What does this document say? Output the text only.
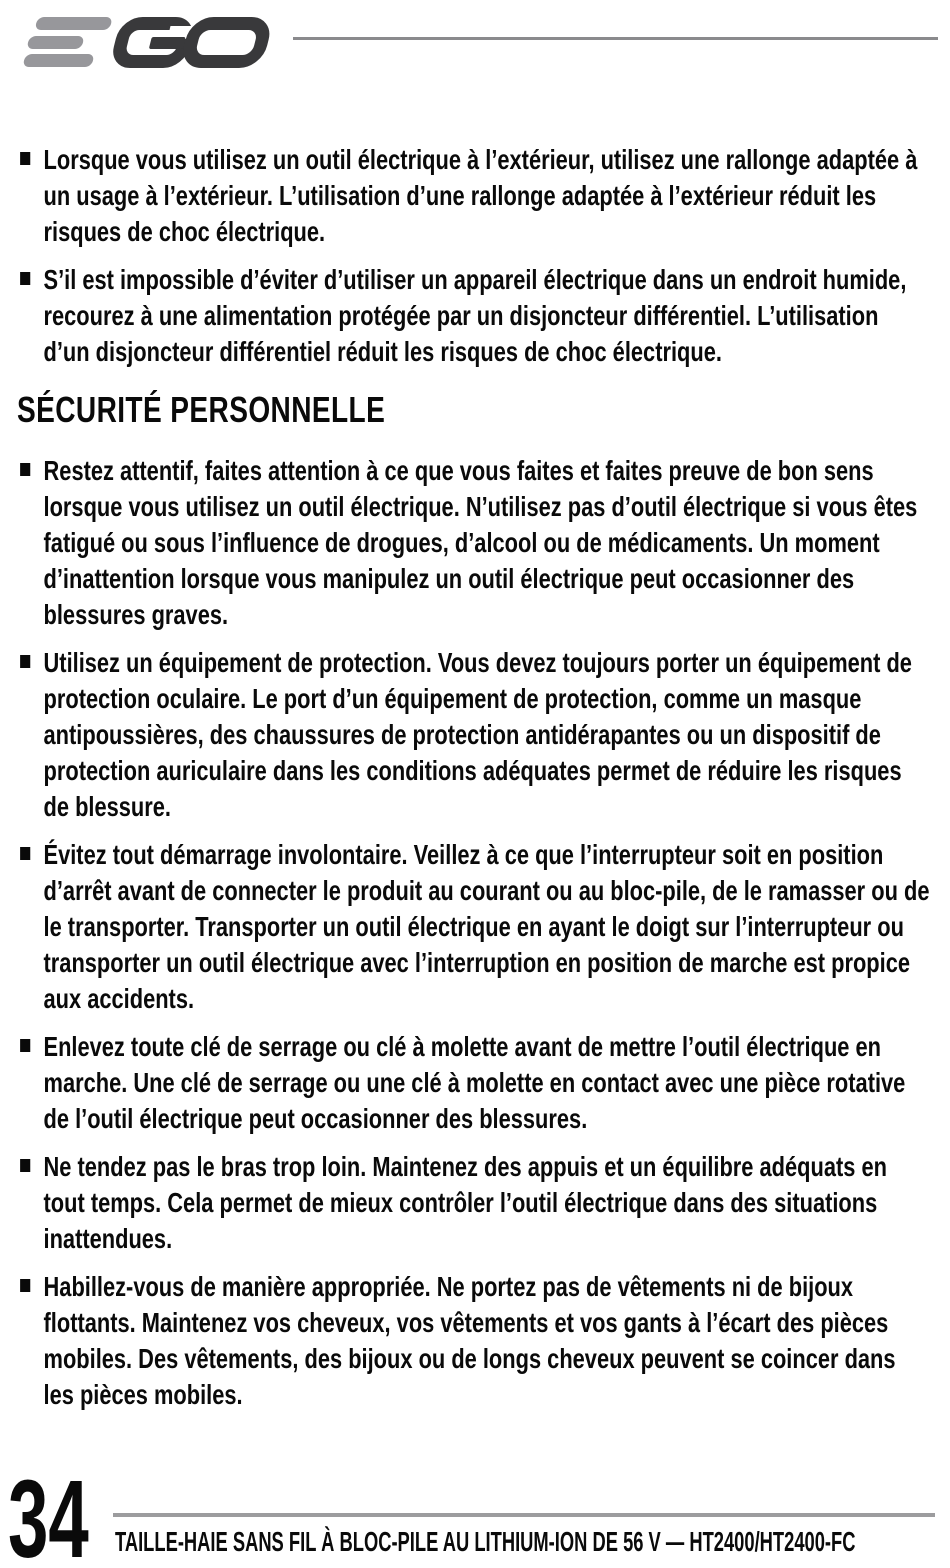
Lorsque vous utilisez un outil électrique à l’extérieur, utilisez une rallonge adaptée à un usage à l’extérieur. L’utilisation d’une rallonge adaptée à l’extérieur réduit les risques de choc électrique.
S’il est impossible d’éviter d’utiliser un appareil électrique dans un endroit humide, recourez à une alimentation protégée par un disjoncteur différentiel. L’utilisation d’un disjoncteur différentiel réduit les risques de choc électrique.
SÉCURITÉ PERSONNELLE
Restez attentif, faites attention à ce que vous faites et faites preuve de bon sens lorsque vous utilisez un outil électrique. N’utilisez pas d’outil électrique si vous êtes fatigué ou sous l’influence de drogues, d’alcool ou de médicaments. Un moment d’inattention lorsque vous manipulez un outil électrique peut occasionner des blessures graves.
Utilisez un équipement de protection. Vous devez toujours porter un équipement de protection oculaire. Le port d’un équipement de protection, comme un masque antipoussières, des chaussures de protection antidérapantes ou un dispositif de protection auriculaire dans les conditions adéquates permet de réduire les risques de blessure.
Évitez tout démarrage involontaire. Veillez à ce que l’interrupteur soit en position d’arrêt avant de connecter le produit au courant ou au bloc-pile, de le ramasser ou de le transporter. Transporter un outil électrique en ayant le doigt sur l’interrupteur ou transporter un outil électrique avec l’interruption en position de marche est propice aux accidents.
Enlevez toute clé de serrage ou clé à molette avant de mettre l’outil électrique en marche. Une clé de serrage ou une clé à molette en contact avec une pièce rotative de l’outil électrique peut occasionner des blessures.
Ne tendez pas le bras trop loin. Maintenez des appuis et un équilibre adéquats en tout temps. Cela permet de mieux contrôler l’outil électrique dans des situations inattendues.
Habillez-vous de manière appropriée. Ne portez pas de vêtements ni de bijoux flottants. Maintenez vos cheveux, vos vêtements et vos gants à l’écart des pièces mobiles. Des vêtements, des bijoux ou de longs cheveux peuvent se coincer dans les pièces mobiles.
34 TAILLE-HAIE SANS FIL À BLOC-PILE AU LITHIUM-ION DE 56 V — HT2400/HT2400-FC
